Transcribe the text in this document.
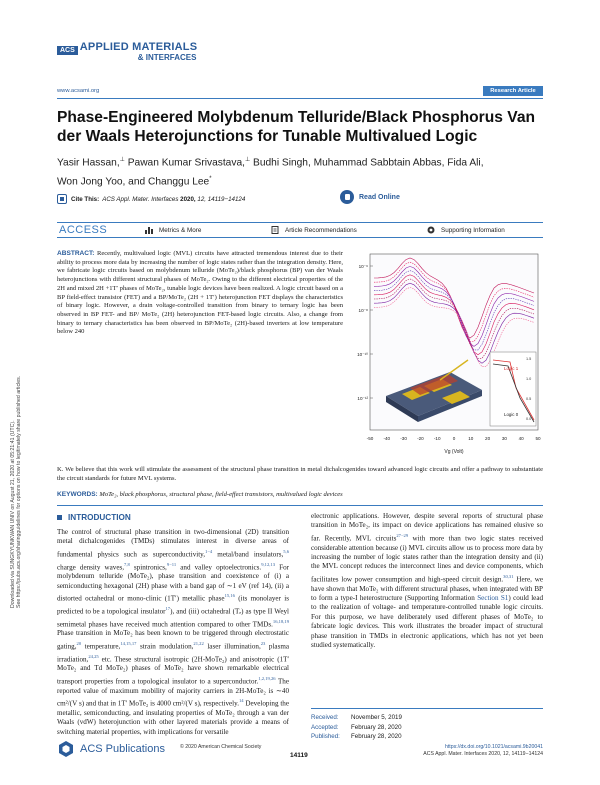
Downloaded via SUNGKYUNKWAN UNIV on August 21, 2020 at 05:21:41 (UTC). See https://pubs.acs.org/sharingguidelines for options on how to legitimately share published articles.
ACS APPLIED MATERIALS
& INTERFACES
www.acsami.org	Research Article
Phase-Engineered Molybdenum Telluride/Black Phosphorus Van der Waals Heterojunctions for Tunable Multivalued Logic
Yasir Hassan,⊥ Pawan Kumar Srivastava,⊥ Budhi Singh, Muhammad Sabbtain Abbas, Fida Ali,
Won Jong Yoo, and Changgu Lee*
Cite This: ACS Appl. Mater. Interfaces 2020, 12, 14119−14124	Read Online
ACCESS	Metrics & More	Article Recommendations	Supporting Information

ABSTRACT: Recently, multivalued logic (MVL) circuits have attracted tremendous interest due to their ability to process more data by increasing the number of logic states rather than the integration density. Here, we fabricate logic circuits based on molybdenum telluride (MoTe₂)/black phosphorus (BP) van der Waals heterojunctions with different structural phases of MoTe₂. Owing to the different electrical properties of the 2H and mixed 2H +1T′ phases of MoTe₂, tunable logic devices have been realized. A logic circuit based on a BP field-effect transistor (FET) and a BP/MoTe₂ (2H + 1T′) heterojunction FET displays the characteristics of binary logic. However, a drain voltage-controlled transition from binary to ternary logic has been observed in BP FET- and BP/ MoTe₂ (2H) heterojunction FET-based logic circuits. Also, a change from binary to ternary characteristics has been observed in BP/MoTe₂ (2H)-based inverters at low temperature below 240

10⁻⁶
10⁻⁸
10⁻¹⁰
10⁻¹²
-50 -40 -30 -20 -10	0	10	20	30	40	50
1.5
1.0
0.5
0.0
Logic 1
Logic 0
Vg (Volt)

K. We believe that this work will stimulate the assessment of the structural phase transition in metal dichalcogenides toward advanced logic circuits and offer a pathway to substantiate the circuit standards for future MVL systems.

KEYWORDS: MoTe₂, black phosphorus, structural phase, field-effect transistors, multivalued logic devices

INTRODUCTION

The control of structural phase transition in two-dimensional (2D) transition metal dichalcogenides (TMDs) stimulates interest in diverse areas of fundamental physics such as superconductivity,$^{1-4}$ metal/band insulators,$^{5,6}$ charge density waves,$^{7,8}$ spintronics,$^{9-11}$ and valley optoelectronics.$^{9,12,13}$ For molybdenum telluride (MoTe₂), phase transition and coexistence of (i) a semiconducting hexagonal (2H) phase with a band gap of ∼1 eV (ref 14), (ii) a distorted octahedral or mono-clinic (1T′) metallic phase$^{15,16}$ (its monolayer is predicted to be a topological insulator$^{17}$), and (iii) octahedral (Tₑ) as type II Weyl semimetal phases have received much attention compared to other TMDs.$^{16,18,19}$ Phase transition in MoTe₂ has been known to be triggered through electrostatic gating,$^{20}$ temperature,$^{14,15,17}$ strain modulation,$^{21,22}$ laser illumination,$^{23}$ plasma irradiation,$^{24,25}$ etc. These structural isotropic (2H-MoTe₂) and anisotropic (1T′ MoTe₂ and Td MoTe₂) phases of MoTe₂ have shown remarkable electrical transport properties from a topological insulator to a superconductor.$^{1,2,19,26}$ The reported value of maximum mobility of majority carriers in 2H-MoTe₂ is ∼40 cm²/(V s) and that in 1T′ MoTe₂ is 4000 cm²/(V s), respectively.$^{14}$ Developing the metallic, semiconducting, and insulating properties of MoTe₂ through a van der Waals (vdW) heterojunction with other layered materials provide a means of switching material properties, with implications for versatile

electronic applications. However, despite several reports of structural phase transition in MoTe₂, its impact on device applications has remained elusive so far. Recently, MVL circuits$^{27-29}$ with more than two logic states received considerable attention because (i) MVL circuits allow us to process more data by increasing the number of logic states rather than the integration density and (ii) the MVL concept reduces the interconnect lines and device components, which facilitates low power consumption and high-speed circuit design.$^{30,31}$ Here, we have shown that MoTe₂ with different structural phases, when integrated with BP to form a type-I heterostructure (Supporting Information Section S1) could lead to the realization of voltage- and temperature-controlled tunable logic circuits. For this purpose, we have deliberately used different phases of MoTe₂ to fabricate logic devices. This work illustrates the broader impact of structural phase transition in TMDs in electronic applications, which has not yet been studied systematically.

Received:	November 5, 2019
Accepted:	February 28, 2020
Published:	February 28, 2020
ACS Publications	© 2020 American Chemical Society
14119
https://dx.doi.org/10.1021/acsami.9b20041
ACS Appl. Mater. Interfaces 2020, 12, 14119−14124
